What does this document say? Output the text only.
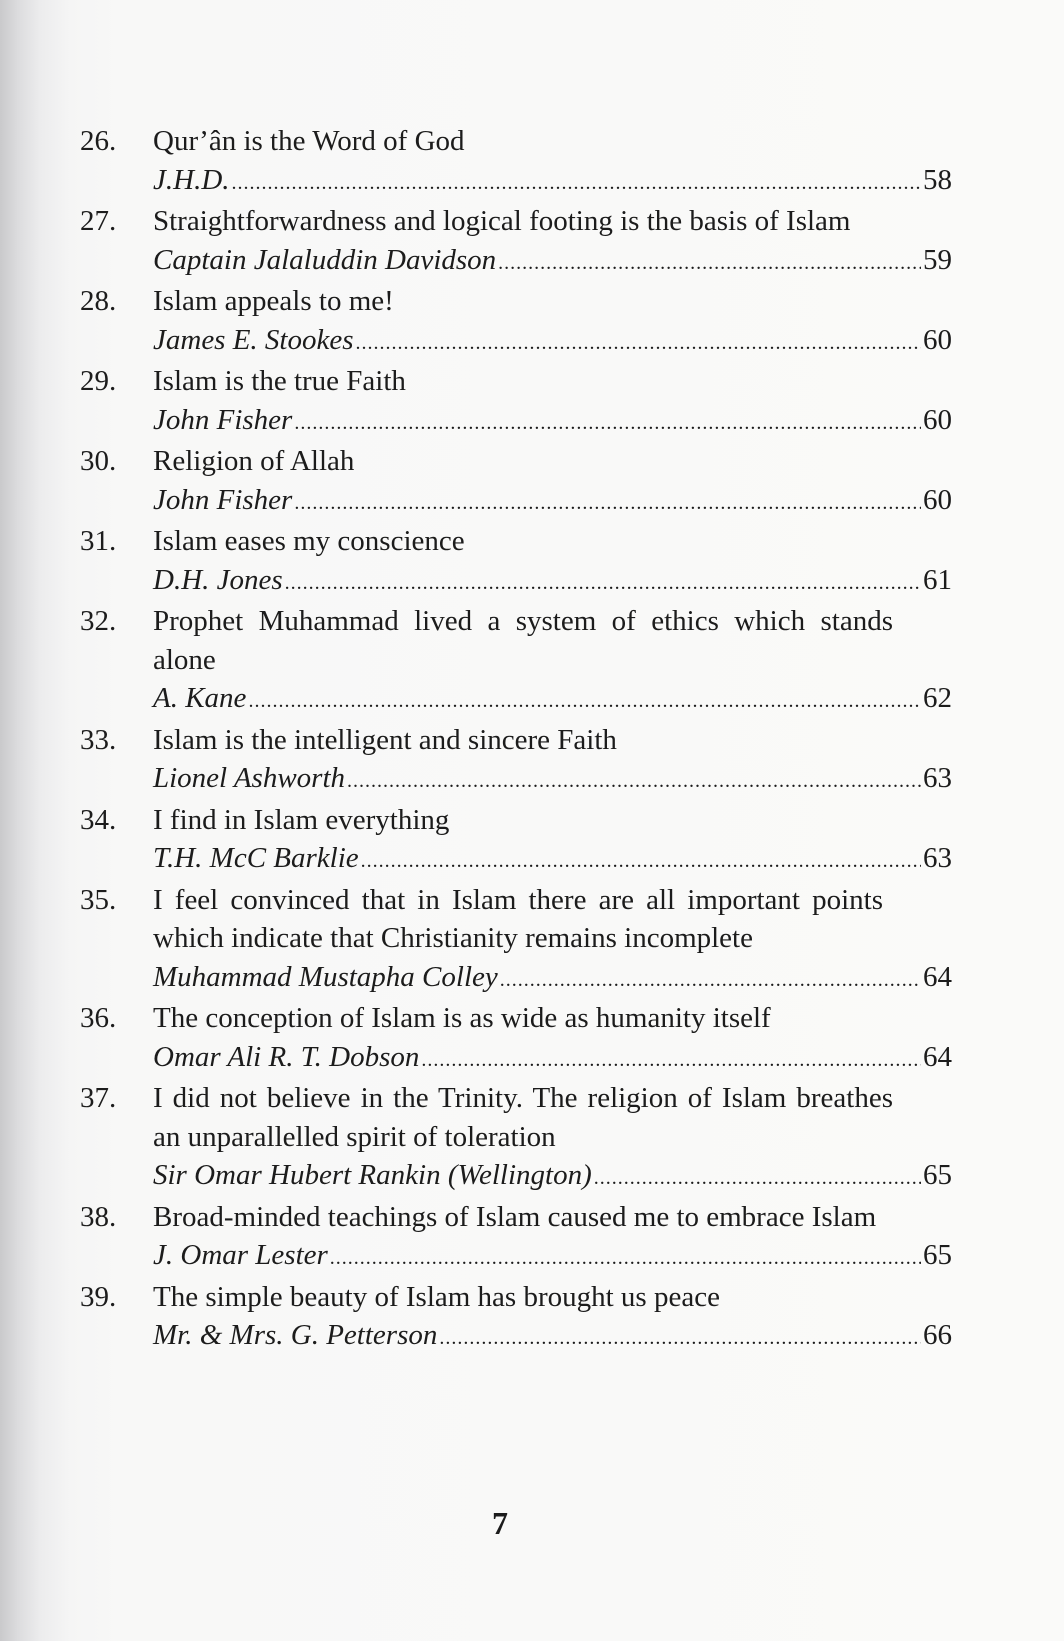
26.	Qur’ân is the Word of God
J.H.D. .....	58
27.	Straightforwardness and logical footing is the basis of Islam
Captain Jalaluddin Davidson .....	59
28.	Islam appeals to me!
James E. Stookes .....	60
29.	Islam is the true Faith
John Fisher .....	60
30.	Religion of Allah
John Fisher .....	60
31.	Islam eases my conscience
D.H. Jones .....	61
32.	Prophet Muhammad lived a system of ethics which stands alone
A. Kane .....	62
33.	Islam is the intelligent and sincere Faith
Lionel Ashworth .....	63
34.	I find in Islam everything
T.H. McC Barklie .....	63
35.	I feel convinced that in Islam there are all important points which indicate that Christianity remains incomplete
Muhammad Mustapha Colley .....	64
36.	The conception of Islam is as wide as humanity itself
Omar Ali R. T. Dobson .....	64
37.	I did not believe in the Trinity. The religion of Islam breathes an unparallelled spirit of toleration
Sir Omar Hubert Rankin (Wellington) .....	65
38.	Broad-minded teachings of Islam caused me to embrace Islam
J. Omar Lester .....	65
39.	The simple beauty of Islam has brought us peace
Mr. & Mrs. G. Petterson .....	66
7
